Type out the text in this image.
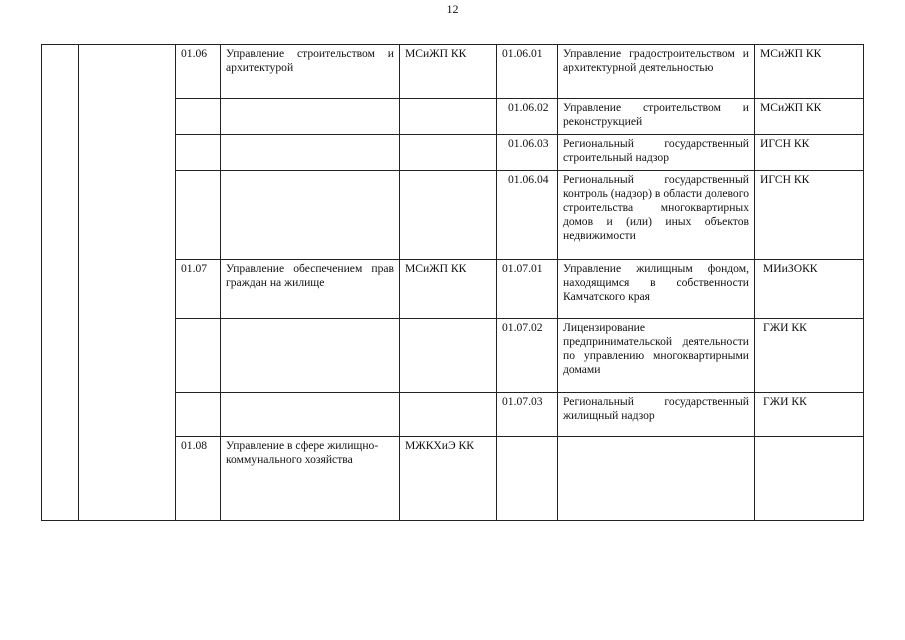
12
		01.06	Управление строительством и архитектурой	МСиЖП КК	01.06.01	Управление градостроительством и архитектурной деятельностью	МСиЖП КК
					01.06.02	Управление строительством и реконструкцией	МСиЖП КК
					01.06.03	Региональный государственный строительный надзор	ИГСН КК
					01.06.04	Региональный государственный контроль (надзор) в области долевого строительства многоквартирных домов и (или) иных объектов недвижимости	ИГСН КК
		01.07	Управление обеспечением прав граждан на жилище	МСиЖП КК	01.07.01	Управление жилищным фондом, находящимся в собственности Камчатского края	МИиЗОКК
					01.07.02	Лицензирование предпринимательской деятельности по управлению многоквартирными домами	ГЖИ КК
					01.07.03	Региональный государственный жилищный надзор	ГЖИ КК
		01.08	Управление в сфере жилищно-коммунального хозяйства	МЖКХиЭ КК			
